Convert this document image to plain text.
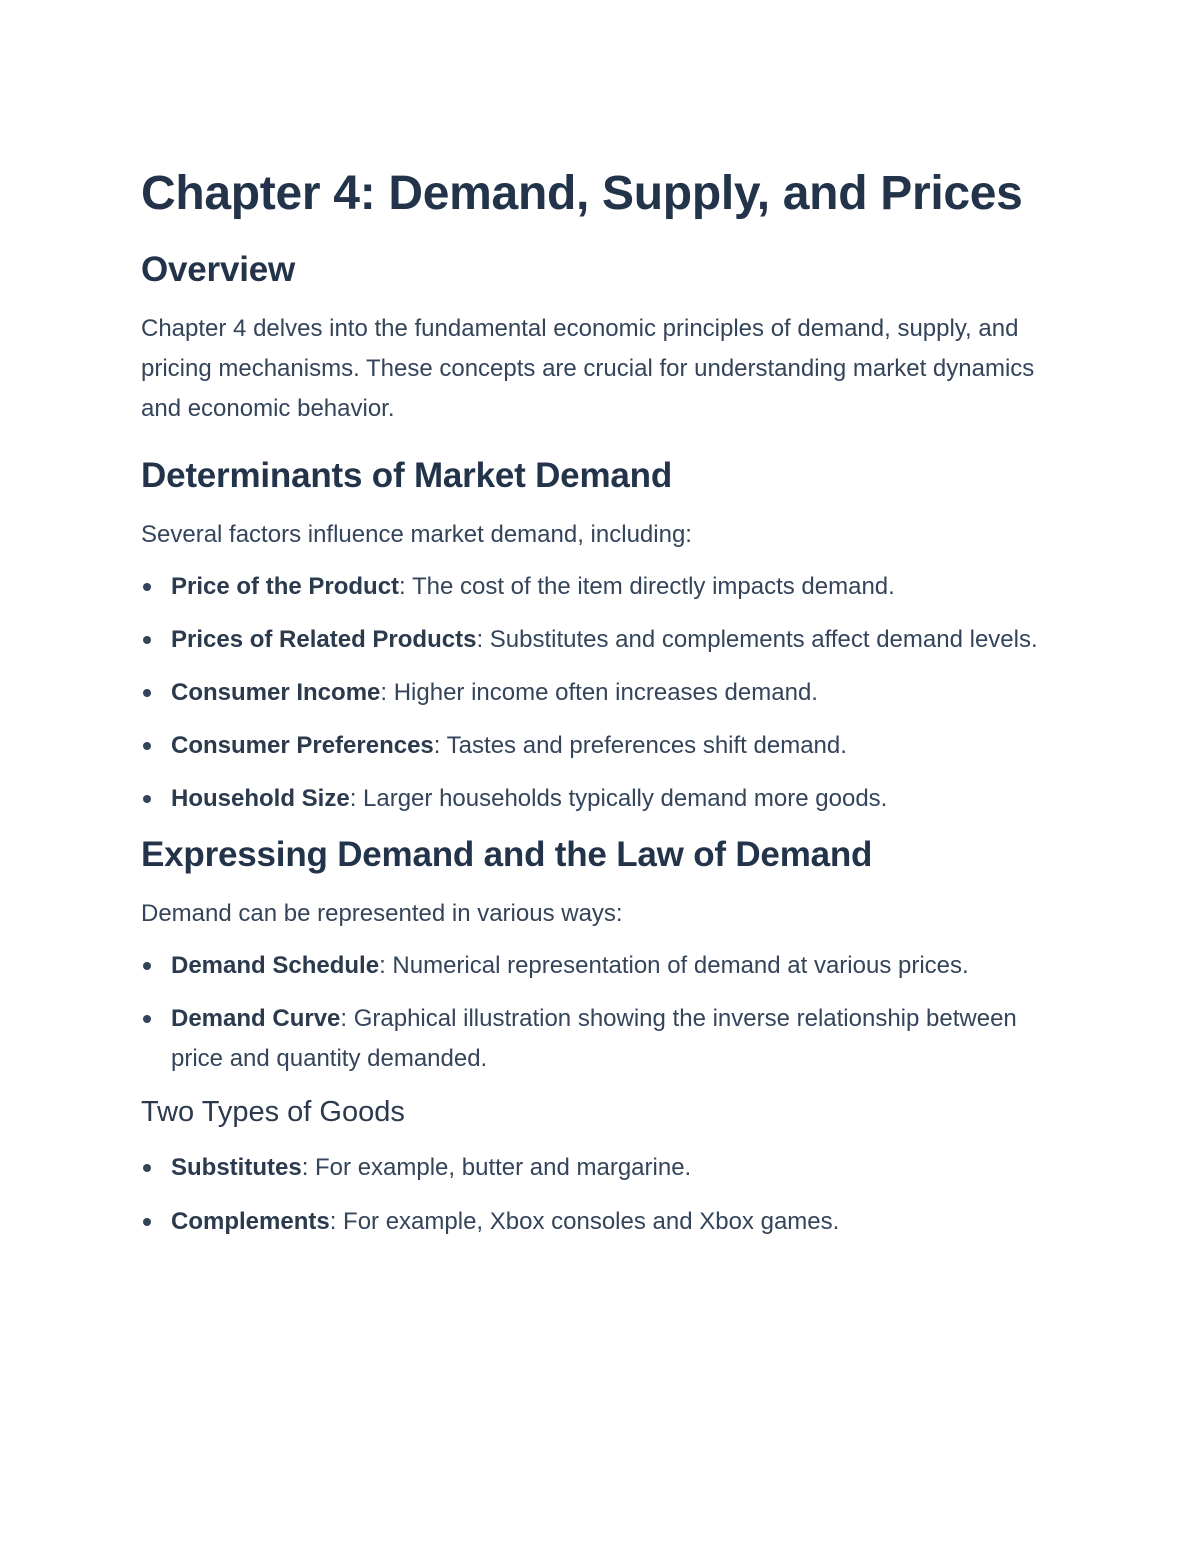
Chapter 4: Demand, Supply, and Prices
Overview

Chapter 4 delves into the fundamental economic principles of demand, supply, and pricing mechanisms. These concepts are crucial for understanding market dynamics and economic behavior.

Determinants of Market Demand

Several factors influence market demand, including:

Price of the Product: The cost of the item directly impacts demand.
Prices of Related Products: Substitutes and complements affect demand levels.
Consumer Income: Higher income often increases demand.
Consumer Preferences: Tastes and preferences shift demand.
Household Size: Larger households typically demand more goods.
Expressing Demand and the Law of Demand

Demand can be represented in various ways:

Demand Schedule: Numerical representation of demand at various prices.
Demand Curve: Graphical illustration showing the inverse relationship between price and quantity demanded.
Two Types of Goods
Substitutes: For example, butter and margarine.
Complements: For example, Xbox consoles and Xbox games.
